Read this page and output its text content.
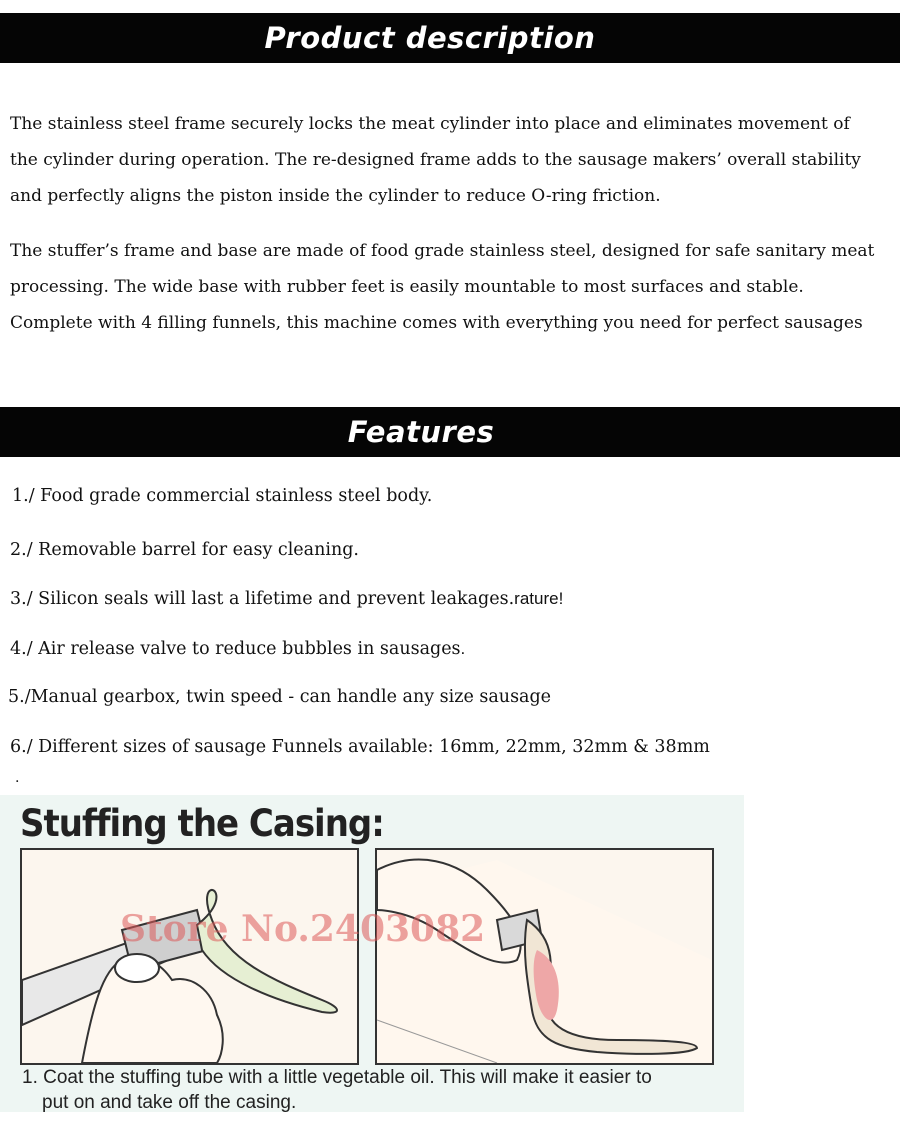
Product description
The stainless steel frame securely locks the meat cylinder into place and eliminates movement of
the cylinder during operation. The re-designed frame adds to the sausage makers’ overall stability
and perfectly aligns the piston inside the cylinder to reduce O-ring friction.
The stuffer’s frame and base are made of food grade stainless steel, designed for safe sanitary meat
processing. The wide base with rubber feet is easily mountable to most surfaces and stable.
Complete with 4 filling funnels, this machine comes with everything you need for perfect sausages
Features
1./ Food grade commercial stainless steel body.
2./ Removable barrel for easy cleaning.
3./ Silicon seals will last a lifetime and prevent leakages.rature!
4./ Air release valve to reduce bubbles in sausages.
5./Manual gearbox, twin speed - can handle any size sausage
6./ Different sizes of sausage Funnels available: 16mm, 22mm, 32mm & 38mm
.
Stuffing the Casing:
Store No.2403082
1. Coat the stuffing tube with a little vegetable oil. This will make it easier to
put on and take off the casing.
